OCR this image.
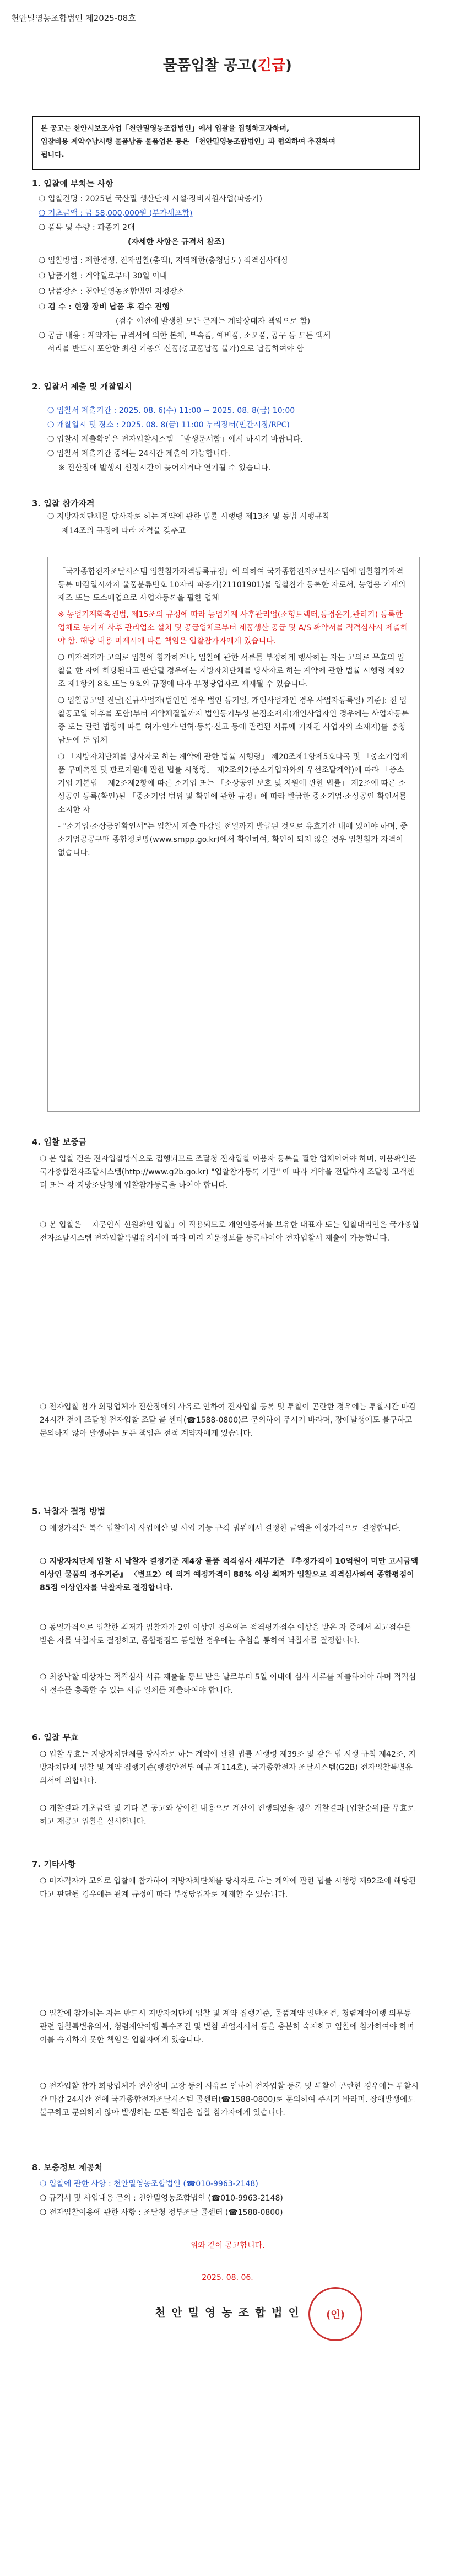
천안밀영농조합법인 제2025-08호
물품입찰 공고(긴급)
본 공고는 천안시보조사업「천안밀영농조합법인」에서 입찰을 집행하고자하며,
입찰비용 계약수납시행 물품납품 물품업은 등은 「천안밀영농조합법인」과 협의하여 추진하여
됩니다.
1. 입찰에 부치는 사항
❍ 입찰건명 : 2025년 국산밀 생산단지 시설·장비지원사업(파종기)
❍ 기초금액 : 금 58,000,000원 (부가세포함)
❍ 품목 및 수량 : 파종기 2대
(자세한 사항은 규격서 참조)
❍ 입찰방법 : 제한경쟁, 전자입찰(총액), 지역제한(충청남도) 적격심사대상
❍ 납품기한 : 계약일로부터 30일 이내
❍ 납품장소 : 천안밀영농조합법인 지정장소
❍ 검 수 : 현장 장비 납품 후 검수 진행
(검수 이전에 발생한 모든 문제는 계약상대자 책임으로 함)
❍ 공급 내용 : 계약자는 규격서에 의한 본체, 부속품, 예비품, 소모품, 공구 등 모든 액세
서리를 반드시 포함한 최신 기종의 신품(중고품납품 불가)으로 납품하여야 함
2. 입찰서 제출 및 개찰일시
❍ 입찰서 제출기간 : 2025. 08. 6(수) 11:00 ~ 2025. 08. 8(금) 10:00
❍ 개찰일시 및 장소 : 2025. 08. 8(금) 11:00 누리장터(민간시장/RPC)
❍ 입찰서 제출확인은 전자입찰시스템 「발생문서함」에서 하시기 바랍니다.
❍ 입찰서 제출기간 중에는 24시간 제출이 가능합니다.
※ 전산장애 발생시 선정시간이 늦어지거나 연기될 수 있습니다.
3. 입찰 참가자격
❍ 지방자치단체를 당사자로 하는 계약에 관한 법률 시행령 제13조 및 동법 시행규칙
제14조의 규정에 따라 자격을 갖추고
「국가종합전자조달시스템 입찰참가자격등록규정」에 의하여 국가종합전자조달시스템에 입찰참가자격등록 마감일시까지 물품분류번호 10자리 파종기(21101901)를 입찰참가 등록한 자로서, 농업용 기계의 제조 또는 도소매업으로 사업자등록을 필한 업체
※ 농업기계화촉진법, 제15조의 규정에 따라 농업기계 사후관리업(소형트랙터,등경운기,관리기) 등록한 업체로 농기계 사후 관리업소 설치 및 공급업체로부터 제품생산 공급 및 A/S 확약서를 적격심사시 제출해야 함. 해당 내용 미제시에 따른 책임은 입찰참가자에게 있습니다.
❍ 미자격자가 고의로 입찰에 참가하거나, 입찰에 관한 서류를 부정하게 행사하는 자는 고의로 무효의 입찰을 한 자에 해당된다고 판단될 경우에는 지방자치단체를 당사자로 하는 계약에 관한 법률 시행령 제92조 제1항의 8호 또는 9호의 규정에 따라 부정당업자로 제재될 수 있습니다.
❍ 입찰공고일 전날[신규사업자(법인인 경우 법인 등기일, 개인사업자인 경우 사업자등록일) 기준]: 전 입찰공고일 이후를 포함)부터 계약체결일까지 법인등기부상 본점소재지(개인사업자인 경우에는 사업자등록증 또는 관련 법령에 따른 허가·인가·면허·등록·신고 등에 관련된 서류에 기재된 사업자의 소재지)를 충청남도에 둔 업체
❍ 「지방자치단체를 당사자로 하는 계약에 관한 법률 시행령」 제20조제1항제5호다목 및 「중소기업제품 구매촉진 및 판로지원에 관한 법률 시행령」 제2조의2(중소기업자와의 우선조달계약)에 따라 「중소기업 기본법」 제2조제2항에 따른 소기업 또는 「소상공인 보호 및 지원에 관한 법률」 제2조에 따른 소상공인 등록(확인)된 「중소기업 범위 및 확인에 관한 규정」에 따라 발급한 중소기업·소상공인 확인서를 소지한 자
- "소기업·소상공인확인서"는 입찰서 제출 마감일 전일까지 발급된 것으로 유효기간 내에 있어야 하며, 중소기업공공구매 종합정보망(www.smpp.go.kr)에서 확인하여, 확인이 되지 않을 경우 입찰참가 자격이 없습니다.
4. 입찰 보증금
❍ 본 입찰 건은 전자입찰방식으로 집행되므로 조달청 전자입찰 이용자 등록을 필한 업체이어야 하며, 이용확인은 국가종합전자조달시스템(http://www.g2b.go.kr) "입찰참가등록 기관" 에 따라 계약을 전달하지 조달청 고객센터 또는 각 지방조달청에 입찰참가등록을 하여야 합니다.
❍ 본 입찰은 「지문인식 신원확인 입찰」이 적용되므로 개인인증서를 보유한 대표자 또는 입찰대리인은 국가종합전자조달시스템 전자입찰특별유의서에 따라 미리 지문정보를 등록하여야 전자입찰서 제출이 가능합니다.
❍ 전자입찰 참가 희망업체가 전산장애의 사유로 인하여 전자입찰 등록 및 투찰이 곤란한 경우에는 투찰시간 마감 24시간 전에 조달청 전자입찰 조달 콜 센터(☎1588-0800)로 문의하여 주시기 바라며, 장애발생에도 불구하고 문의하지 않아 발생하는 모든 책임은 전적 계약자에게 있습니다.
5. 낙찰자 결정 방법
❍ 예정가격은 복수 입찰에서 사업예산 및 사업 기능 규격 범위에서 결정한 금액을 예정가격으로 결정합니다.
❍ 지방자치단체 입찰 시 낙찰자 결정기준 제4장 물품 적격심사 세부기준 『추정가격이 10억원이 미만 고시금액 이상인 물품의 경우기준』 〈별표2〉에 의거 예정가격이 88% 이상 최저가 입찰으로 적격심사하여 종합평점이 85점 이상인자를 낙찰자로 결정합니다.
❍ 동일가격으로 입찰한 최저가 입찰자가 2인 이상인 경우에는 적격평가점수 이상을 받은 자 중에서 최고점수를 받은 자를 낙찰자로 결정하고, 종합평점도 동일한 경우에는 추첨을 통하여 낙찰자를 결정합니다.
❍ 최종낙찰 대상자는 적격심사 서류 제출을 통보 받은 날로부터 5일 이내에 심사 서류를 제출하여야 하며 적격심사 절수를 충족할 수 있는 서류 일체를 제출하여야 합니다.
6. 입찰 무효
❍ 입찰 무효는 지방자치단체를 당사자로 하는 계약에 관한 법률 시행령 제39조 및 같은 법 시행 규칙 제42조, 지방자치단체 입찰 및 계약 집행기준(행정안전부 예규 제114호), 국가종합전자 조달시스템(G2B) 전자입찰특별유의서에 의합니다.
❍ 개찰결과 기초금액 및 기타 본 공고와 상이한 내용으로 계산이 진행되었을 경우 개찰결과 [입찰순위]를 무효로 하고 재공고 입찰을 실시합니다.
7. 기타사항
❍ 미자격자가 고의로 입찰에 참가하여 지방자치단체를 당사자로 하는 계약에 관한 법률 시행령 제92조에 해당된다고 판단될 경우에는 관계 규정에 따라 부정당업자로 제재할 수 있습니다.
❍ 입찰에 참가하는 자는 반드시 지방자치단체 입찰 및 계약 집행기준, 물품계약 일반조건, 청렴계약이행 의무등 관련 입찰특별유의서, 청렴계약이행 특수조건 및 별첨 과업지시서 등을 충분히 숙지하고 입찰에 참가하여야 하며 이를 숙지하지 못한 책임은 입찰자에게 있습니다.
❍ 전자입찰 참가 희망업체가 전산장비 고장 등의 사유로 인하여 전자입찰 등록 및 투찰이 곤란한 경우에는 투찰시간 마감 24시간 전에 국가종합전자조달시스템 콜센터(☎1588-0800)로 문의하여 주시기 바라며, 장애발생에도 불구하고 문의하지 않아 발생하는 모든 책임은 입찰 참가자에게 있습니다.
8. 보충정보 제공처
❍ 입찰에 관한 사항 : 천안밀영농조합법인 (☎010-9963-2148)
❍ 규격서 및 사업내용 문의 : 천안밀영농조합법인 (☎010-9963-2148)
❍ 전자입찰이용에 관한 사항 : 조달청 정부조달 콜센터 (☎1588-0800)
위와 같이 공고합니다.
2025. 08. 06.
천 안 밀 영 농 조 합 법 인	(인)
